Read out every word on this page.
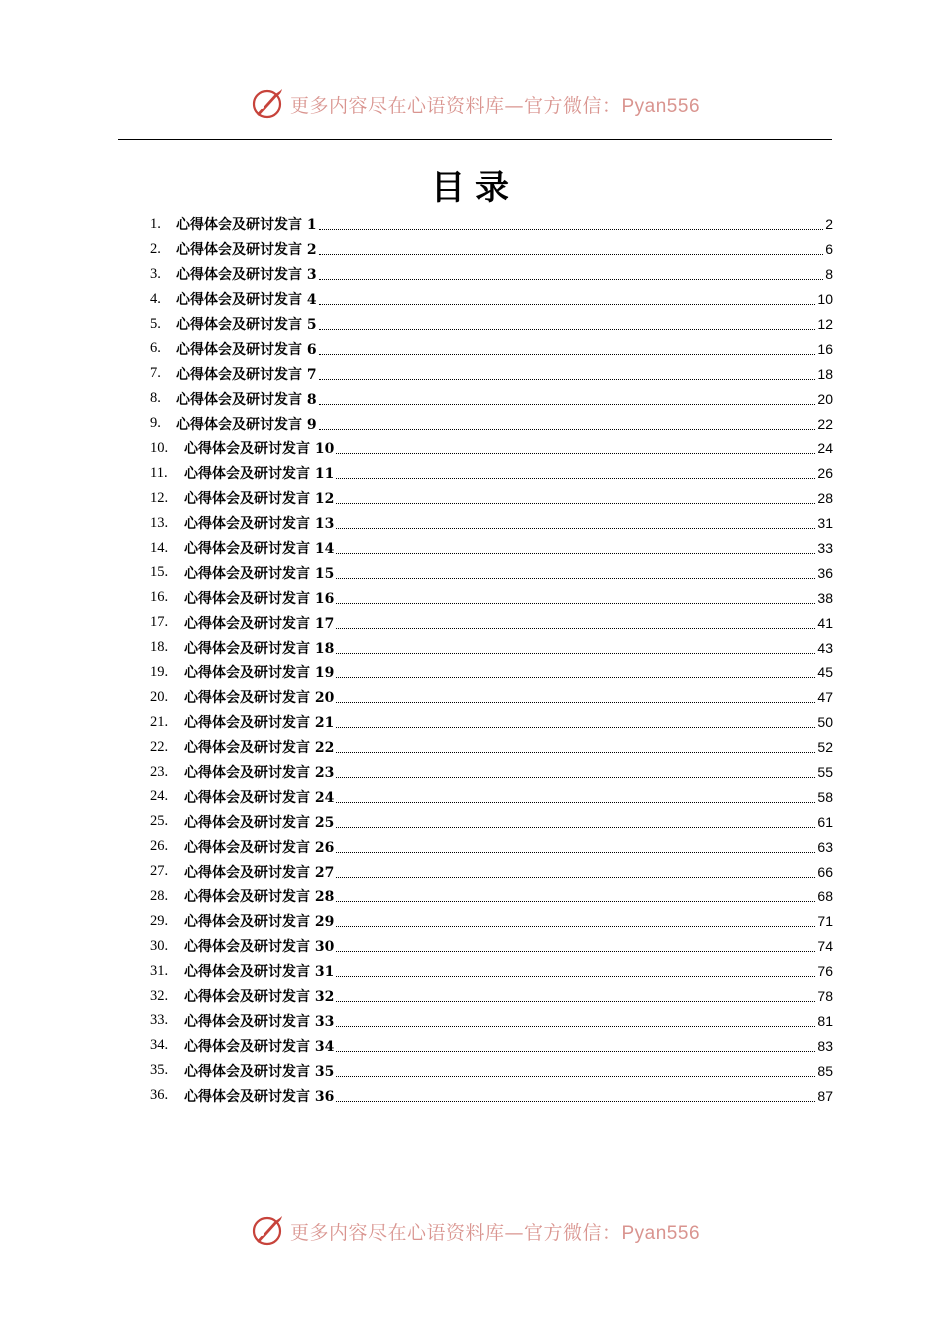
更多内容尽在心语资料库—官方微信：Pyan556
目录
1.	心得体会及研讨发言 1	2
2.	心得体会及研讨发言 2	6
3.	心得体会及研讨发言 3	8
4.	心得体会及研讨发言 4	10
5.	心得体会及研讨发言 5	12
6.	心得体会及研讨发言 6	16
7.	心得体会及研讨发言 7	18
8.	心得体会及研讨发言 8	20
9.	心得体会及研讨发言 9	22
10.	心得体会及研讨发言 10	24
11.	心得体会及研讨发言 11	26
12.	心得体会及研讨发言 12	28
13.	心得体会及研讨发言 13	31
14.	心得体会及研讨发言 14	33
15.	心得体会及研讨发言 15	36
16.	心得体会及研讨发言 16	38
17.	心得体会及研讨发言 17	41
18.	心得体会及研讨发言 18	43
19.	心得体会及研讨发言 19	45
20.	心得体会及研讨发言 20	47
21.	心得体会及研讨发言 21	50
22.	心得体会及研讨发言 22	52
23.	心得体会及研讨发言 23	55
24.	心得体会及研讨发言 24	58
25.	心得体会及研讨发言 25	61
26.	心得体会及研讨发言 26	63
27.	心得体会及研讨发言 27	66
28.	心得体会及研讨发言 28	68
29.	心得体会及研讨发言 29	71
30.	心得体会及研讨发言 30	74
31.	心得体会及研讨发言 31	76
32.	心得体会及研讨发言 32	78
33.	心得体会及研讨发言 33	81
34.	心得体会及研讨发言 34	83
35.	心得体会及研讨发言 35	85
36.	心得体会及研讨发言 36	87
更多内容尽在心语资料库—官方微信：Pyan556
